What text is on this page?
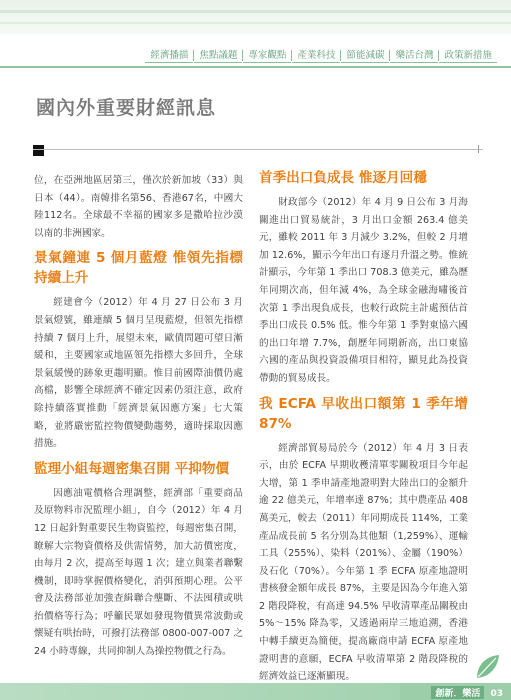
經濟播描	焦點議題	專家觀點	產業科技	節能減碳	樂活台灣	政策新措施
國內外重要財經訊息

位，在亞洲地區居第三，僅次於新加坡（33）與日本（44）。南韓排名第56、香港67名，中國大陸112名。全球最不幸福的國家多是撒哈拉沙漠以南的非洲國家。

景氣鐘連 5 個月藍燈 惟領先指標持續上升

經建會今（2012）年 4 月 27 日公布 3 月景氣燈號，雖連續 5 個月呈現藍燈，但領先指標持續 7 個月上升，展望未來，歐債問題可望日漸緩和，主要國家或地區領先指標大多回升，全球景氣緩慢的跡象更趨明顯。惟目前國際油價仍處高檔，影響全球經濟不確定因素仍須注意，政府除持續落實推動「經濟景氣因應方案」七大策略，並將嚴密監控物價變動趨勢，適時採取因應措施。

監理小組每週密集召開 平抑物價

因應油電價格合理調整，經濟部「重要商品及原物料市況監理小組」，自今（2012）年 4 月12 日起針對重要民生物資監控，每週密集召開，瞭解大宗物資價格及供需情勢，加大訪價密度，由每月 2 次，提高至每週 1 次；建立與業者聯繫機制，即時掌握價格變化，消弭預期心理。公平會及法務部並加強查緝聯合壟斷、不法囤積或哄抬價格等行為；呼籲民眾如發現物價異常波動或懷疑有哄抬時，可撥打法務部 0800-007-007 之 24 小時專線，共同抑制人為操控物價之行為。

首季出口負成長 惟逐月回穩

財政部今（2012）年 4 月 9 日公布 3 月海關進出口貿易統計，3 月出口金額 263.4 億美元，雖較 2011 年 3 月減少 3.2%，但較 2 月增加 12.6%，顯示今年出口有逐月升溫之勢。惟統計顯示，今年第 1 季出口 708.3 億美元，雖為歷年同期次高，但年減 4%，為全球金融海嘯後首次第 1 季出現負成長，也較行政院主計處預估首季出口成長 0.5% 低。惟今年第 1 季對東協六國的出口年增 7.7%，創歷年同期新高，出口東協六國的產品與投資設備項目相符，顯見此為投資帶動的貿易成長。

我 ECFA 早收出口額第 1 季年增 87%

經濟部貿易局於今（2012）年 4 月 3 日表示，由於 ECFA 早期收穫清單零關稅項目今年起大增，第 1 季申請產地證明對大陸出口的金額升逾 22 億美元，年增率達 87%；其中農產品 408 萬美元，較去（2011）年同期成長 114%，工業產品成長前 5 名分別為其他類（1,259%）、運輸工具（255%）、染料（201%）、金屬（190%）及石化（70%）。今年第 1 季 ECFA 原產地證明書核發金額年成長 87%，主要是因為今年進入第 2 階段降稅，有高達 94.5% 早收清單產品關稅由 5%～15% 降為零，又透過兩岸三地追溯，香港中轉手續更為簡便，提高廠商申請 ECFA 原產地證明書的意願，ECFA 早收清單第 2 階段降稅的經濟效益已逐漸顯現。

創新．樂活 03
